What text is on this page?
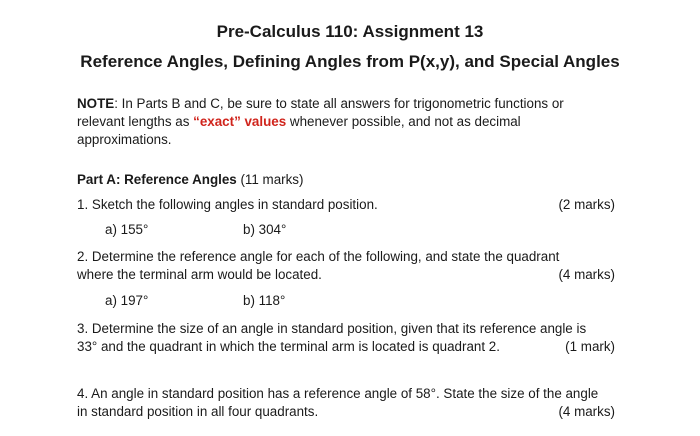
Pre-Calculus 110: Assignment 13
Reference Angles, Defining Angles from P(x,y), and Special Angles
NOTE: In Parts B and C, be sure to state all answers for trigonometric functions or relevant lengths as “exact” values whenever possible, and not as decimal approximations.
Part A: Reference Angles (11 marks)
1. Sketch the following angles in standard position.	(2 marks)
a) 155°	b) 304°
2. Determine the reference angle for each of the following, and state the quadrant
where the terminal arm would be located.	(4 marks)
a) 197°	b) 118°
3. Determine the size of an angle in standard position, given that its reference angle is
33° and the quadrant in which the terminal arm is located is quadrant 2.	(1 mark)
4. An angle in standard position has a reference angle of 58°. State the size of the angle
in standard position in all four quadrants.	(4 marks)
